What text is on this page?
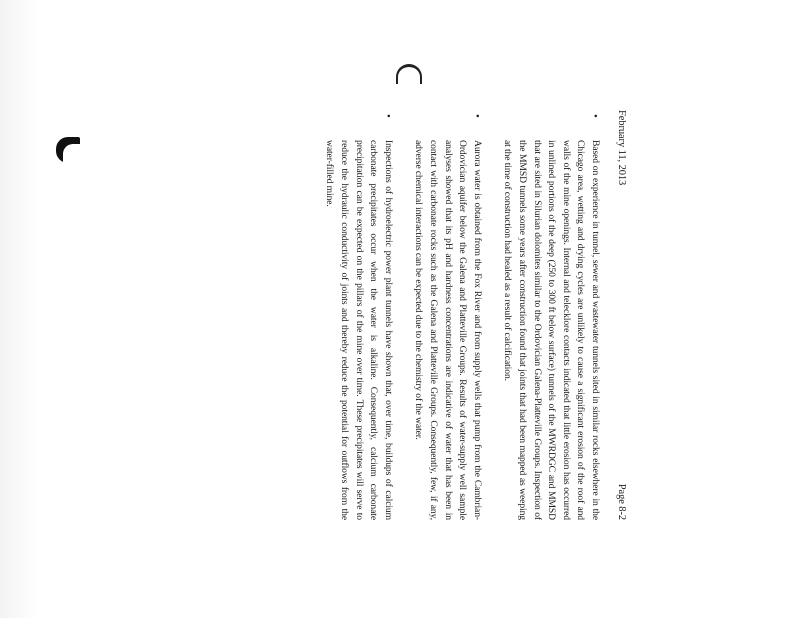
February 11, 2013
Page 8-2
•
Based on experience in tunnel, sewer and wastewater tunnels sited in similar rocks elsewhere in the Chicago area, wetting and drying cycles are unlikely to cause a significant erosion of the roof and walls of the mine openings. Internal and telecklore contacts indicated that little erosion has occurred in unlined portions of the deep (250 to 300 ft below surface) tunnels of the MWRDGC and MMSD that are sited in Silurian dolomites similar to the Ordovician Galena-Platteville Groups. Inspection of the MMSD tunnels some years after construction found that joints that had been mapped as weeping at the time of construction had healed as a result of calcification.
•
Aurora water is obtained from the Fox River and from supply wells that pump from the Cambrian-Ordovician aquifer below the Galena and Platteville Groups. Results of water-supply well sample analyses showed that its pH and hardness concentrations are indicative of water that has been in contact with carbonate rocks such as the Galena and Platteville Groups. Consequently, few, if any, adverse chemical interactions can be expected due to the chemistry of the water.
•
Inspections of hydroelectric power plant tunnels have shown that, over time, buildups of calcium carbonate precipitates occur when the water is alkaline. Consequently, calcium carbonate precipitation can be expected on the pillars of the mine over time. These precipitates will serve to reduce the hydraulic conductivity of joints and thereby reduce the potential for outflows from the water-filled mine.
